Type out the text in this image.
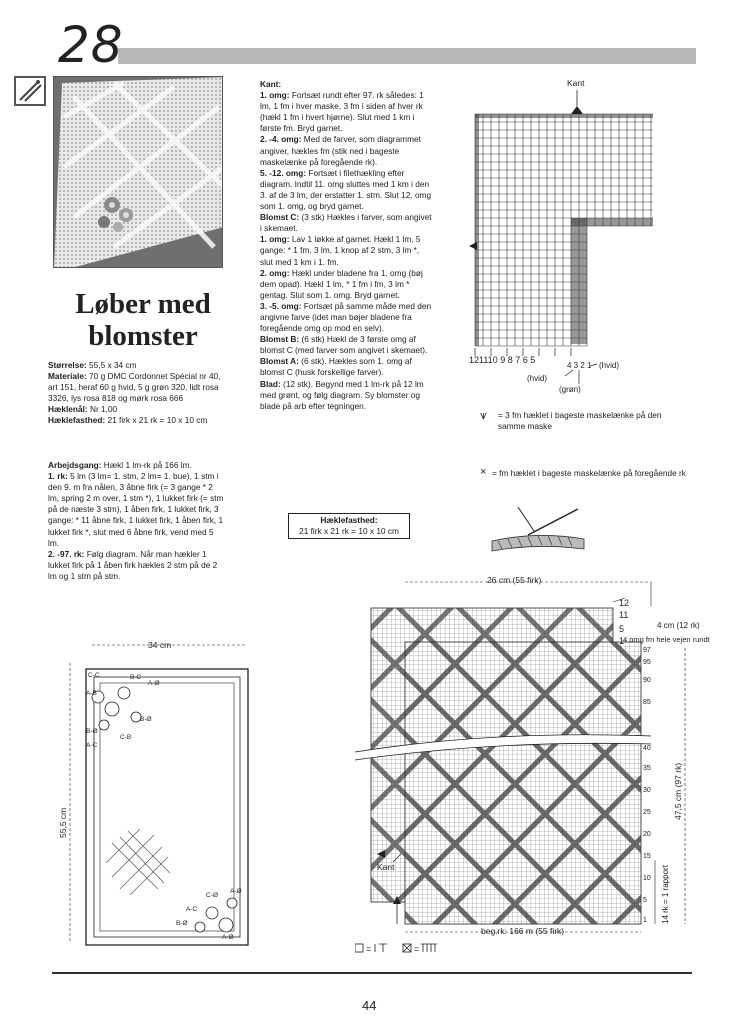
28
Løber med
blomster
Størrelse: 55,5 x 34 cm
Materiale: 70 g DMC Cordonnet Spécial nr 40, art 151, heraf 60 g hvid, 5 g grøn 320, lidt rosa 3326, lys rosa 818 og mørk rosa 666
Hæklenål: Nr 1,00
Hæklefasthed: 21 firk x 21 rk = 10 x 10 cm
Arbejdsgang: Hækl 1 lm-rk på 166 lm.
1. rk: 5 lm (3 lm= 1. stm, 2 lm= 1. bue), 1 stm i den 9. m fra nålen, 3 åbne firk (= 3 gange * 2 lm, spring 2 m over, 1 stm *), 1 lukket firk (= stm på de næste 3 stm), 1 åben firk, 1 lukket firk, 3 gange: * 11 åbne firk, 1 lukket firk, 1 åben firk, 1 lukket firk *, slut med 6 åbne firk, vend med 5 lm.
2. -97. rk: Følg diagram. Når man hækler 1 lukket firk på 1 åben firk hækles 2 stm på de 2 lm og 1 stm på stm.
Kant:
1. omg: Fortsæt rundt efter 97. rk således: 1 lm, 1 fm i hver maske, 3 fm i siden af hver rk (hækl 1 fm i hvert hjørne). Slut med 1 km i første fm. Bryd garnet.
2. -4. omg: Med de farver, som diagrammet angiver, hækles fm (stik ned i bageste maskelænke på foregående rk).
5. -12. omg: Fortsæt i filethækling efter diagram. Indtil 11. omg sluttes med 1 km i den 3. af de 3 lm, der erstatter 1. stm. Slut 12. omg som 1. omg, og bryd garnet.
Blomst C: (3 stk) Hækles i farver, som angivet i skemaet.
1. omg: Lav 1 løkke af garnet. Hækl 1 lm, 5 gange: * 1 fm, 3 lm, 1 knop af 2 stm, 3 lm *, slut med 1 km i 1. fm.
2. omg: Hækl under bladene fra 1. omg (bøj dem opad). Hækl 1 lm, * 1 fm i fm, 3 lm * gentag. Slut som 1. omg. Bryd garnet.
3. -5. omg: Fortsæt på samme måde med den angivne farve (idet man bøjer bladene fra foregående omg op mod en selv).
Blomst B: (6 stk) Hækl de 3 første omg af blomst C (med farver som angivet i skemaet).
Blomst A: (6 stk). Hækles som 1. omg af blomst C (husk forskellige farver).
Blad: (12 stk). Begynd med 1 lm-rk på 12 lm med grønt, og følg diagram. Sy blomster og blade på arb efter tegningen.
Kant
121110 9 8 7 6 5
4 3 2 1 (hvid)
(hvid)
(grøn)
⩛	= 3 fm hæklet i bageste maskelænke på den samme maske
× = fm hæklet i bageste maskelænke på foregående rk
Hæklefasthed:
21 firk x 21 rk = 10 x 10 cm
34 cm
55,5 cm
C-C	B-C
A-Ø
A-B
B-Ø
C-B
B-Ø
A-C
C-Ø
A-Ø
A-C
B-Ø
A-Ø
26 cm (55 firk)
12
11
5
1
4 cm (12 rk)
4 omg fm hele vejen rundt
97
95
90
85
40
35
30
25
20
15
10
5
1
47,5 cm (97 rk)
14 rk = 1 rapport
Kant
beg.rk: 166 m (55 firk)
=	=
44
